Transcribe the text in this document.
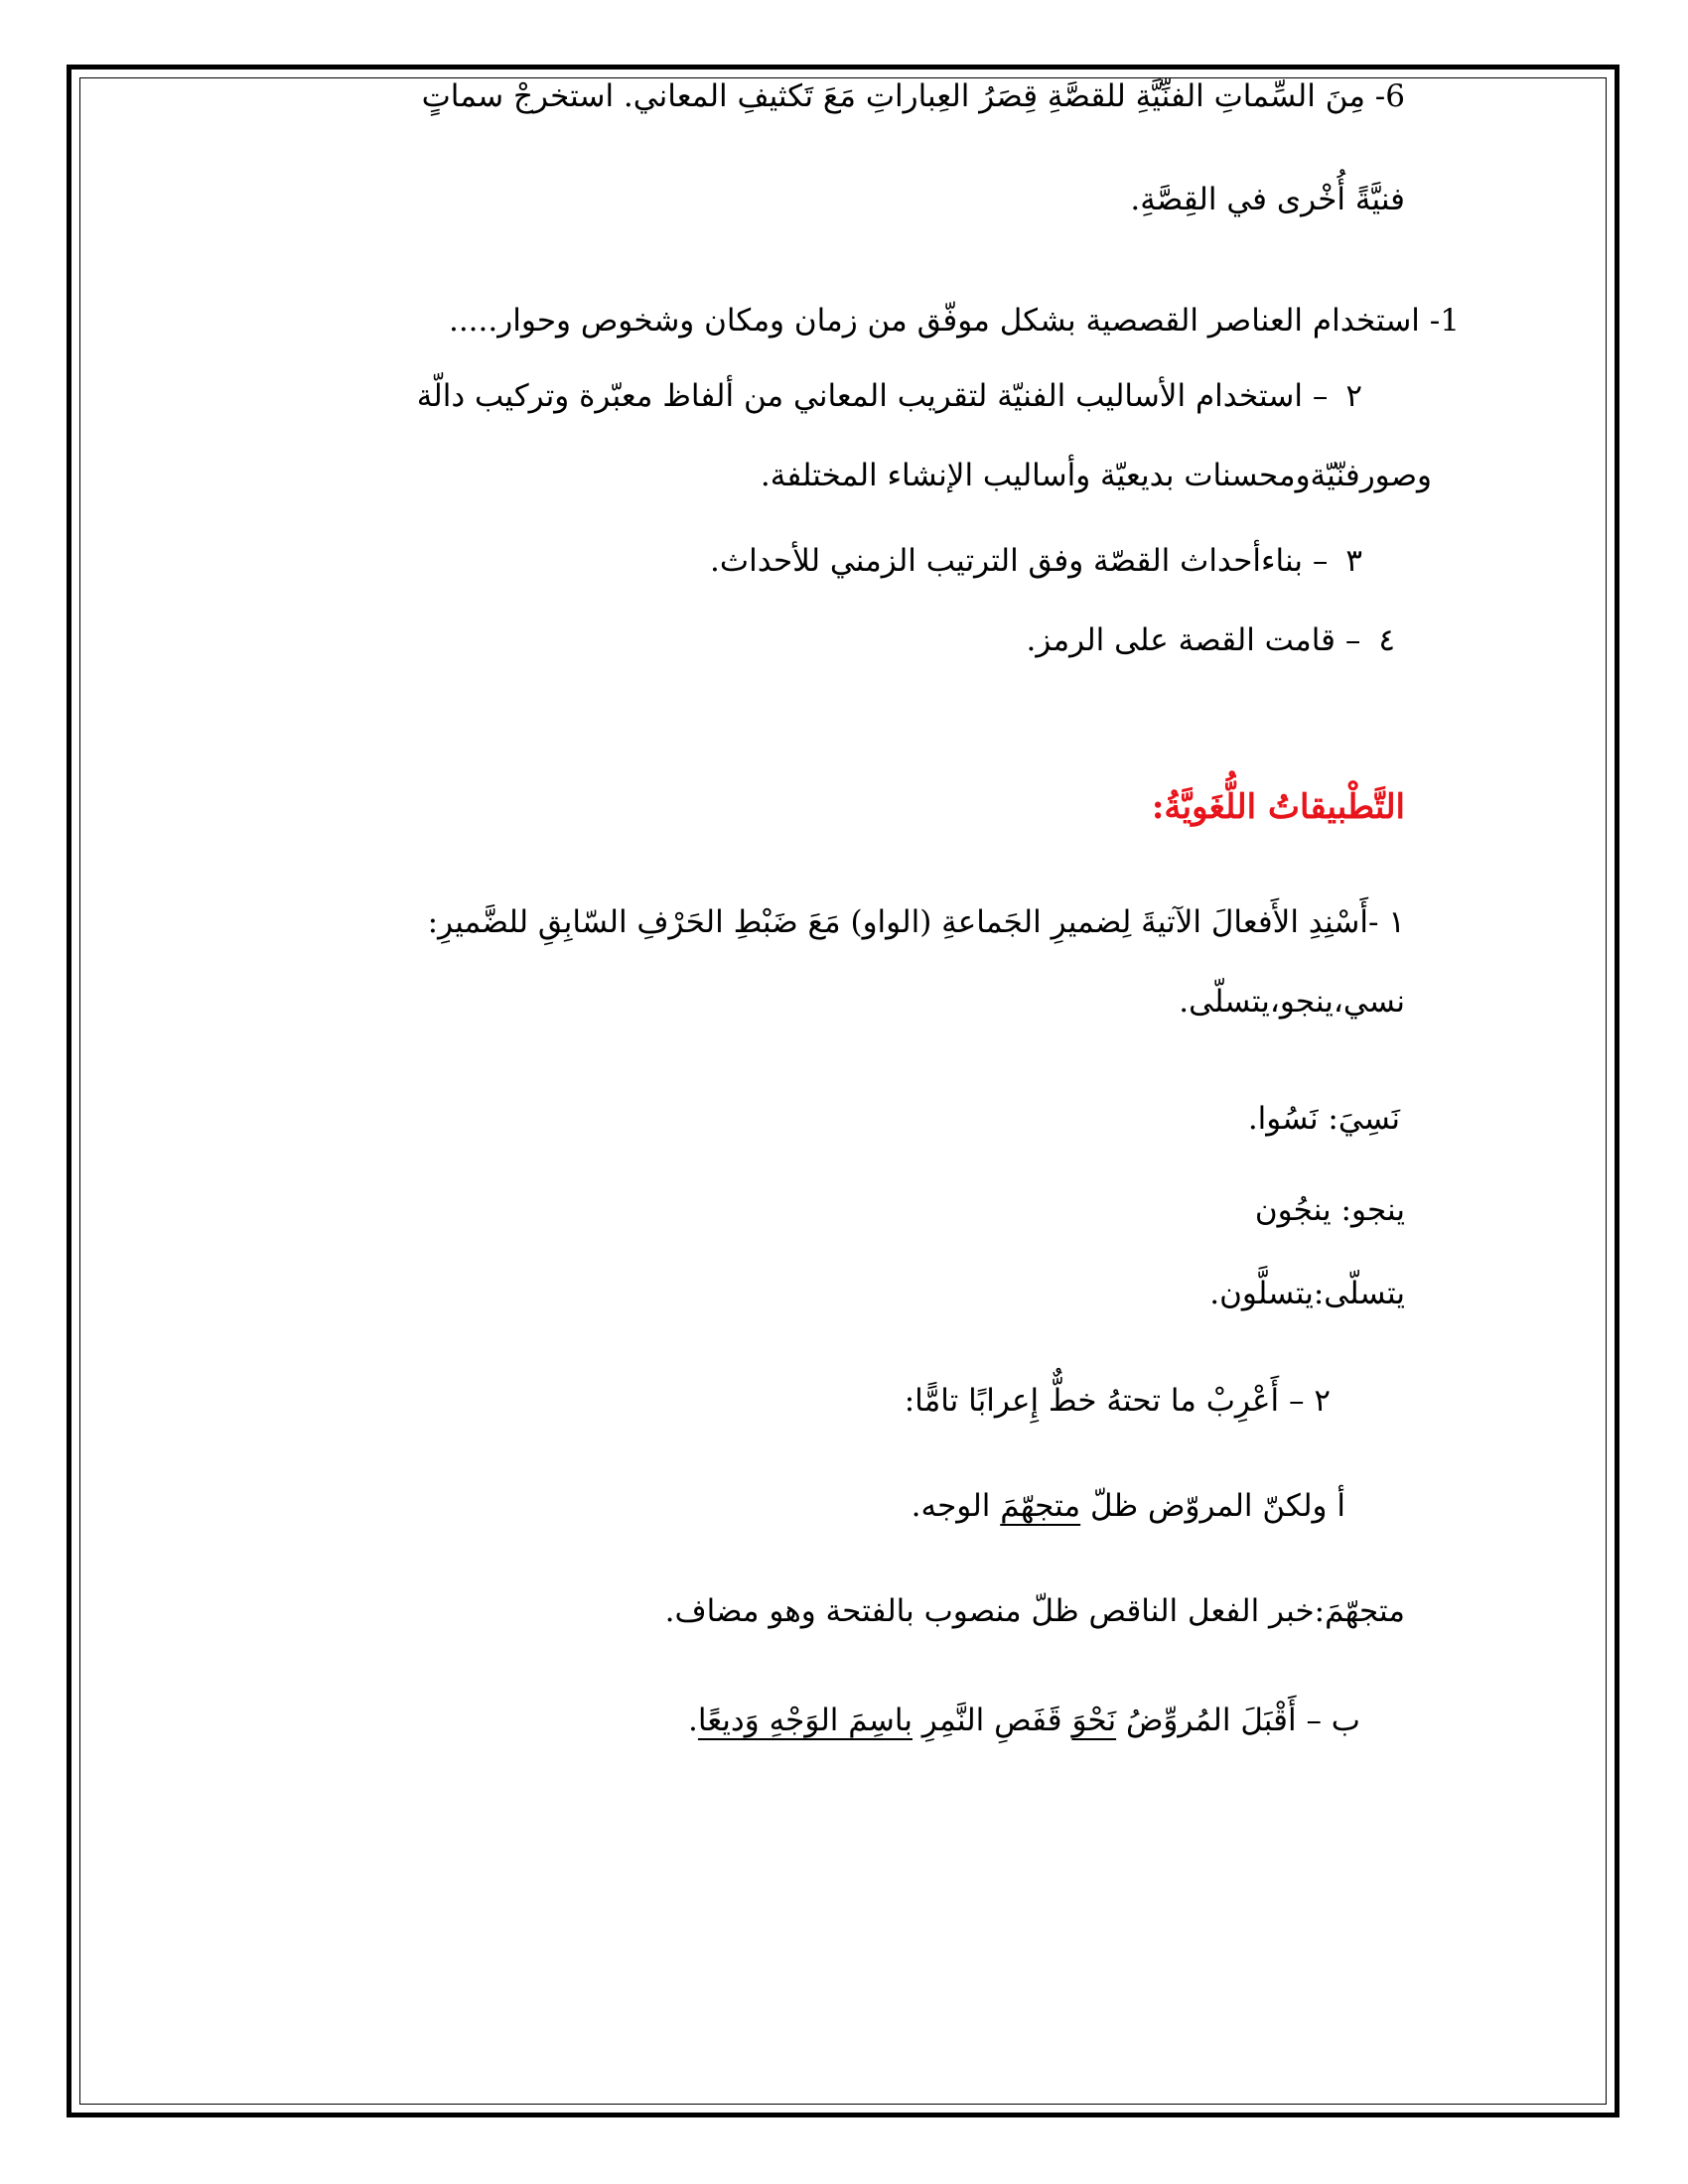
6- مِنَ السِّماتِ الفنِّيَّةِ للقصَّةِ قِصَرُ العِباراتِ مَعَ تَكثيفِ المعاني. استخرجْ سماتٍ
فنيَّةً أُخْرى في القِصَّةِ.
1- استخدام العناصر القصصية بشكل موفّق من زمان ومكان وشخوص وحوار.....
٢– استخدام الأساليب الفنيّة لتقريب المعاني من ألفاظ معبّرة وتركيب دالّة
وصورفنّيّةومحسنات بديعيّة وأساليب الإنشاء المختلفة.
٣– بناءأحداث القصّة وفق الترتيب الزمني للأحداث.
٤– قامت القصة على الرمز.
التَّطْبيقاتُ اللُّغَويَّةُ:
١ -أَسْنِدِ الأَفعالَ الآتيةَ لِضميرِ الجَماعةِ (الواو) مَعَ ضَبْطِ الحَرْفِ السّابِقِ للضَّميرِ:
نسي،ينجو،يتسلّى.
نَسِيَ: نَسُوا.
ينجو: ينجُون
يتسلّى:يتسلَّون.
٢ – أَعْرِبْ ما تحتهُ خطٌّ إِعرابًا تامًّا:
أ ولكنّ المروّض ظلّ متجهّمَ الوجه.
متجهّمَ:خبر الفعل الناقص ظلّ منصوب بالفتحة وهو مضاف.
ب – أَقْبَلَ المُروِّضُ نَحْوَ قَفَصِ النَّمِرِ باسِمَ الوَجْهِ وَديعًا.
